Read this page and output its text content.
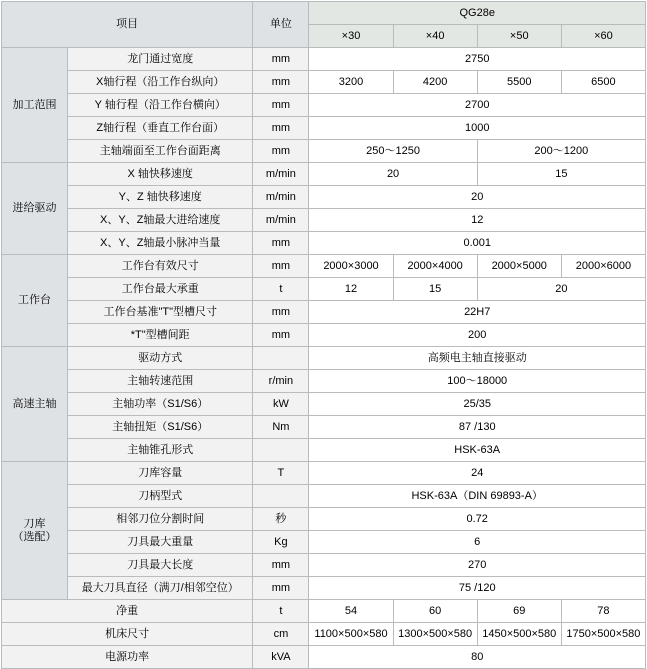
项目		单位	QG28e			
			×30	×40	×50	×60
加工范围	龙门通过宽度	mm	2750			
	X轴行程（沿工作台纵向）	mm	3200	4200	5500	6500
	Y 轴行程（沿工作台横向）	mm	2700			
	Z轴行程（垂直工作台面）	mm	1000			
	主轴端面至工作台面距离	mm	250～1250		200～1200	
进给驱动	X 轴快移速度	m/min	20		15	
	Y、Z 轴快移速度	m/min	20			
	X、Y、Z轴最大进给速度	m/min	12			
	X、Y、Z轴最小脉冲当量	mm	0.001			
工作台	工作台有效尺寸	mm	2000×3000	2000×4000	2000×5000	2000×6000
	工作台最大承重	t	12	15	20	
	工作台基准"T"型槽尺寸	mm	22H7			
	*T"型槽间距	mm	200			
高速主轴	驱动方式		高频电主轴直接驱动			
	主轴转速范围	r/min	100～18000			
	主轴功率（S1/S6）	kW	25/35			
	主轴扭矩（S1/S6）	Nm	87 /130			
	主轴锥孔形式		HSK-63A			
刀库
（选配）	刀库容量	T	24			
	刀柄型式		HSK-63A（DIN 69893-A）			
	相邻刀位分割时间	秒	0.72			
	刀具最大重量	Kg	6			
	刀具最大长度	mm	270			
	最大刀具直径（满刀/相邻空位）	mm	75 /120			
净重		t	54	60	69	78
机床尺寸		cm	1100×500×580	1300×500×580	1450×500×580	1750×500×580
电源功率		kVA	80			
